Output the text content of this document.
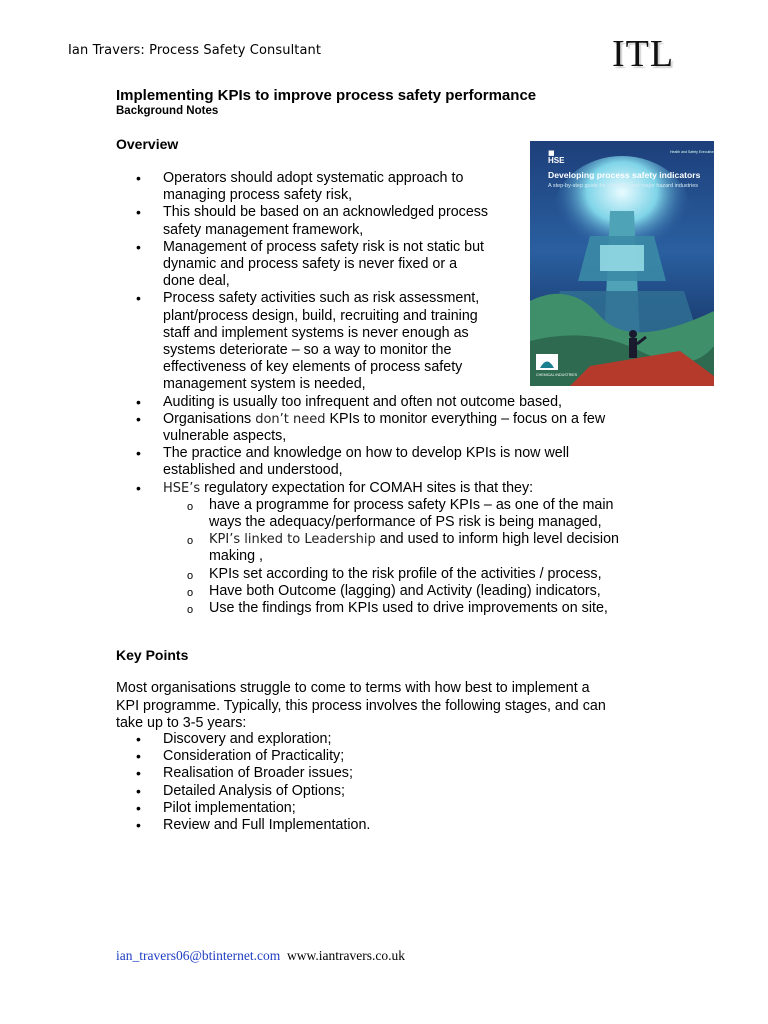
Ian Travers: Process Safety Consultant	ITL
Implementing KPIs to improve process safety performance
Background Notes
Overview
■
HSE
Health and Safety Executive
Developing process safety indicators
A step-by-step guide for chemical and major hazard industries
CHEMICAL INDUSTRIES
• Operators should adopt systematic approach to
managing process safety risk,
• This should be based on an acknowledged process
safety management framework,
• Management of process safety risk is not static but
dynamic and process safety is never fixed or a
done deal,
• Process safety activities such as risk assessment,
plant/process design, build, recruiting and training
staff and implement systems is never enough as
systems deteriorate – so a way to monitor the
effectiveness of key elements of process safety
management system is needed,
• Auditing is usually too infrequent and often not outcome based,
• Organisations don’t need KPIs to monitor everything – focus on a few
vulnerable aspects,
• The practice and knowledge on how to develop KPIs is now well
established and understood,
• HSE’s regulatory expectation for COMAH sites is that they:
o have a programme for process safety KPIs – as one of the main
ways the adequacy/performance of PS risk is being managed,
o KPI’s linked to Leadership and used to inform high level decision
making ,
o KPIs set according to the risk profile of the activities / process,
o Have both Outcome (lagging) and Activity (leading) indicators,
o Use the findings from KPIs used to drive improvements on site,
Key Points

Most organisations struggle to come to terms with how best to implement a
KPI programme. Typically, this process involves the following stages, and can
take up to 3-5 years:

• Discovery and exploration;
• Consideration of Practicality;
• Realisation of Broader issues;
• Detailed Analysis of Options;
• Pilot implementation;
• Review and Full Implementation.
ian_travers06@btinternet.com www.iantravers.co.uk
